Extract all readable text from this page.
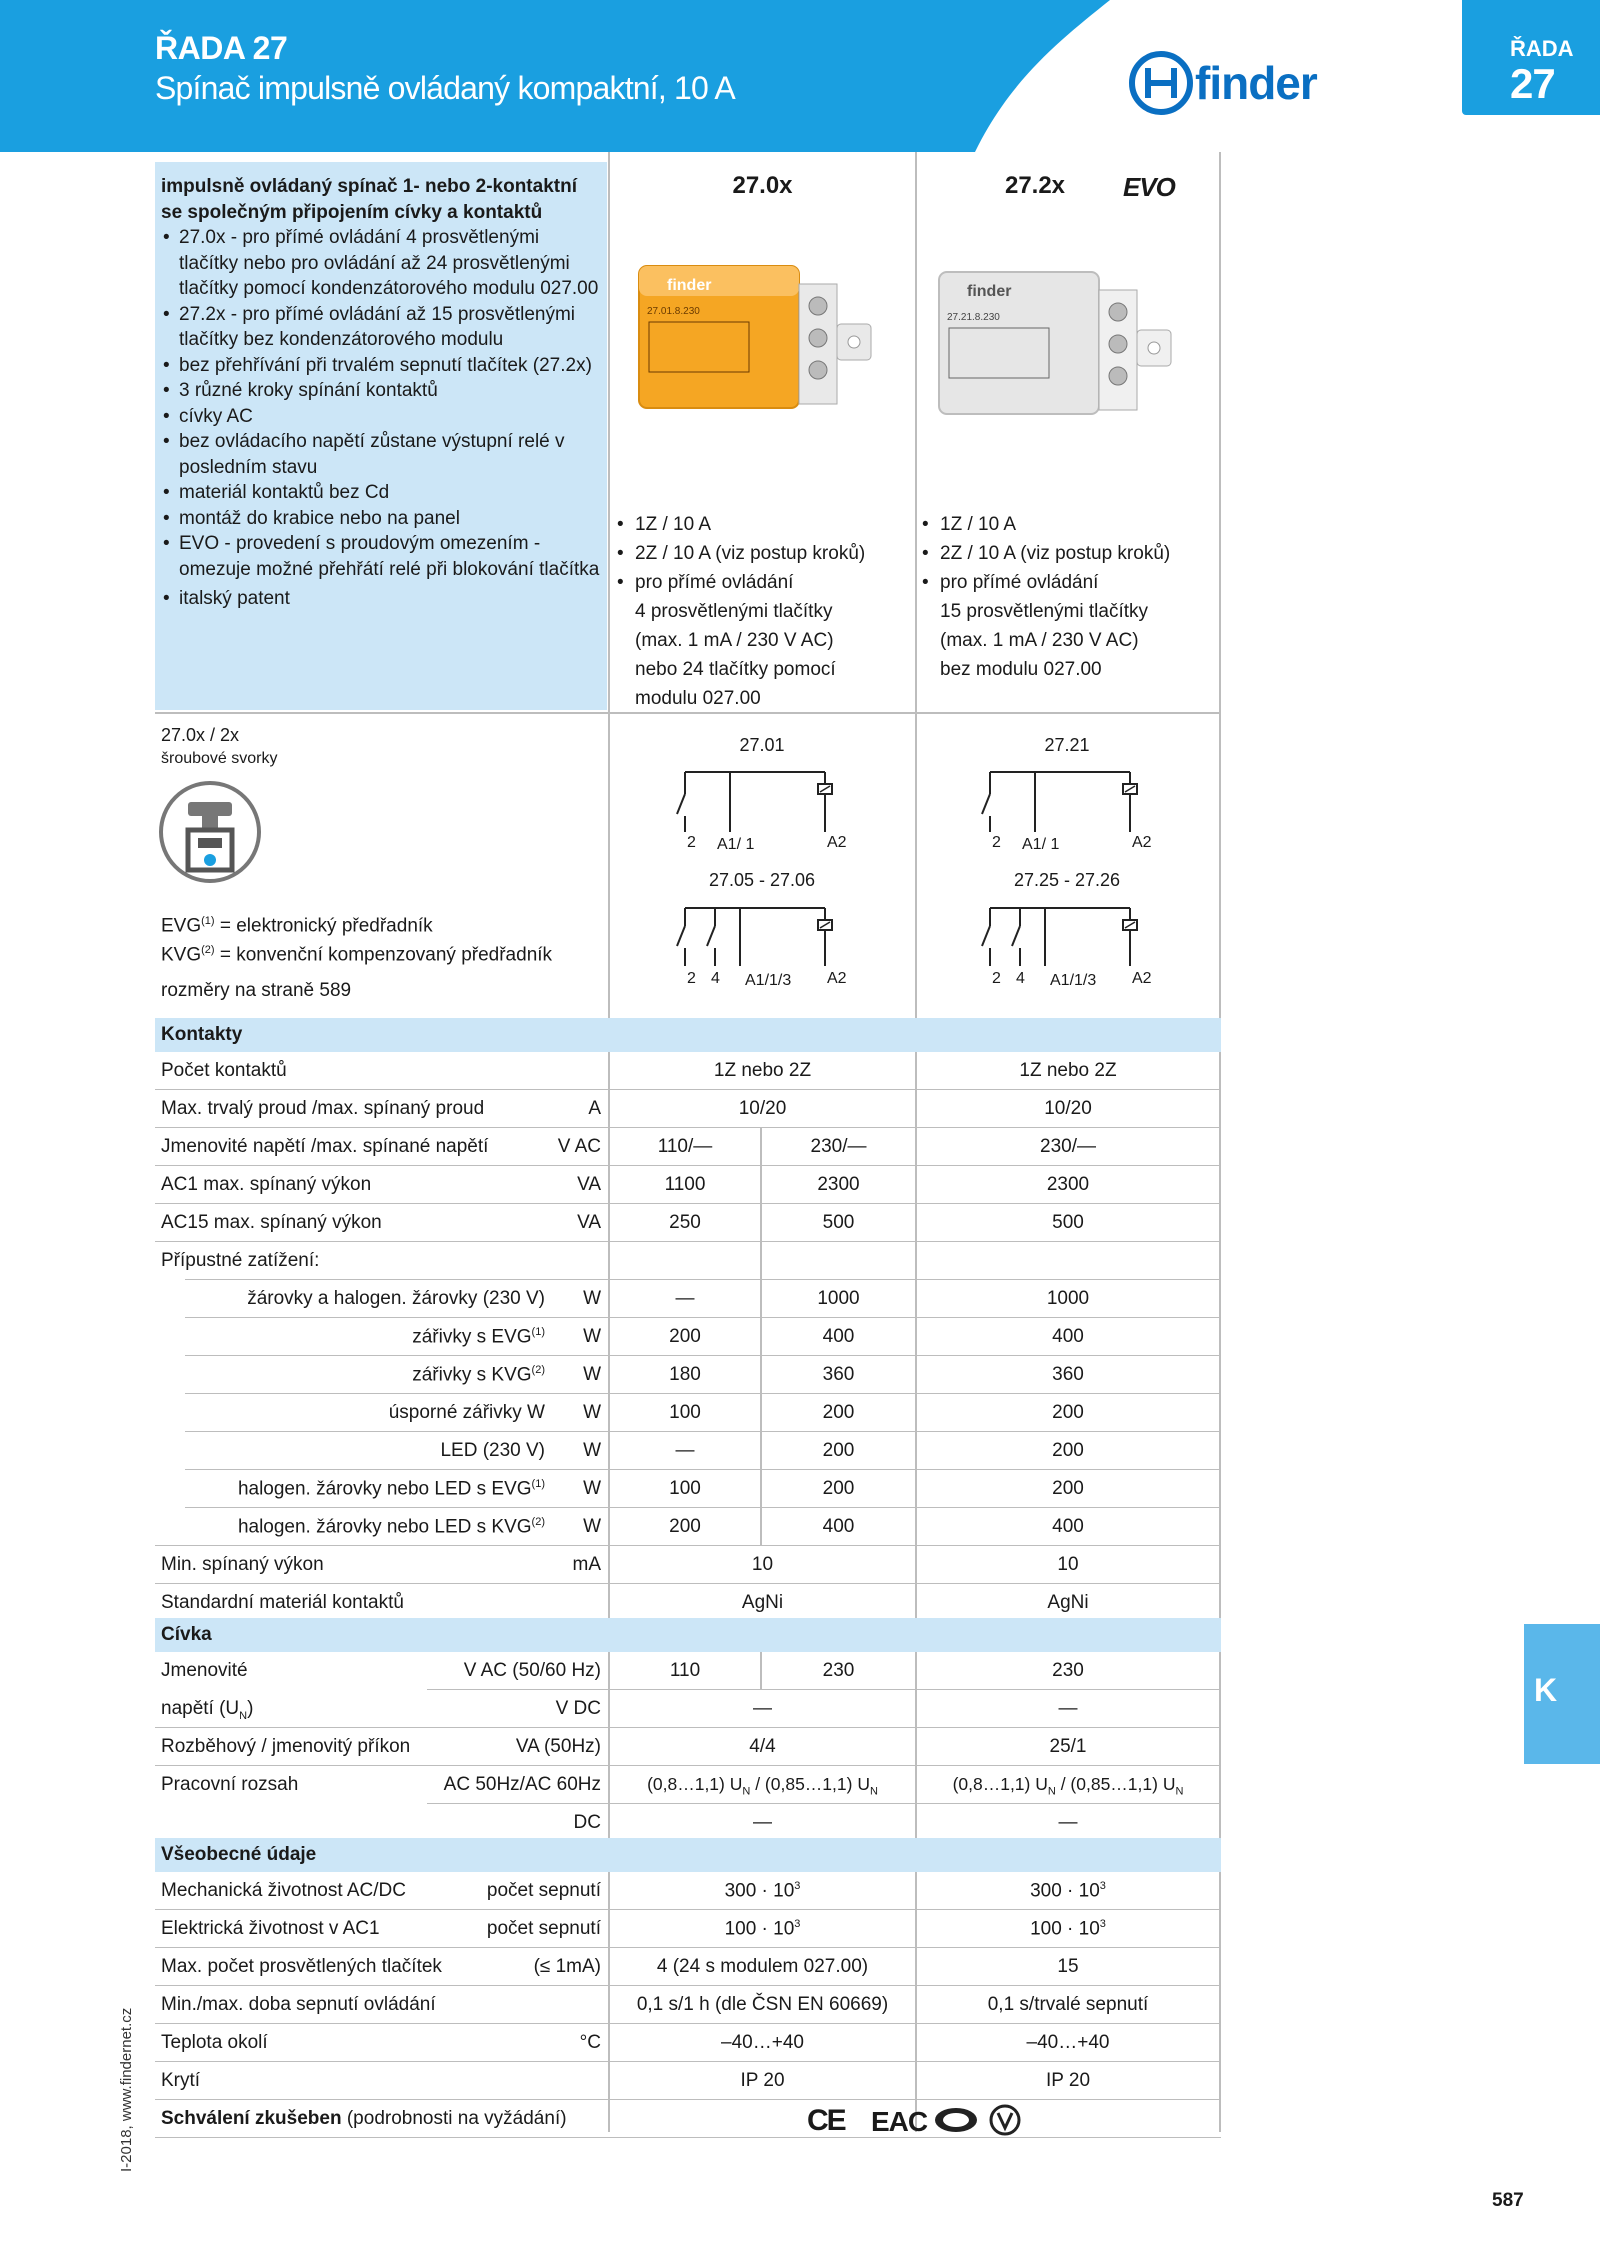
ŘADA 27
Spínač impulsně ovládaný kompaktní, 10 A	finder
ŘADA
27
impulsně ovládaný spínač 1- nebo 2-kontaktní se společným připojením cívky a kontaktů
• 27.0x - pro přímé ovládání 4 prosvětlenými tlačítky nebo pro ovládání až 24 prosvětlenými tlačítky pomocí kondenzátorového modulu 027.00
• 27.2x - pro přímé ovládání až 15 prosvětlenými tlačítky bez kondenzátorového modulu
• bez přehřívání při trvalém sepnutí tlačítek (27.2x)
• 3 různé kroky spínání kontaktů
• cívky AC
• bez ovládacího napětí zůstane výstupní relé v posledním stavu
• materiál kontaktů bez Cd
• montáž do krabice nebo na panel
• EVO - provedení s proudovým omezením - omezuje možné přehřátí relé při blokování tlačítka
• italský patent
27.0x	27.2x	EVO
finder
27.01.8.230
finder
27.21.8.230
• 1Z / 10 A
• 2Z / 10 A (viz postup kroků)
• pro přímé ovládání
4 prosvětlenými tlačítky
(max. 1 mA / 230 V AC)
nebo 24 tlačítky pomocí
modulu 027.00
• 1Z / 10 A
• 2Z / 10 A (viz postup kroků)
• pro přímé ovládání
15 prosvětlenými tlačítky
(max. 1 mA / 230 V AC)
bez modulu 027.00
27.0x / 2x
šroubové svorky
$EVG^{(1)}$ = elektronický předřadník
$KVG^{(2)}$ = konvenční kompenzovaný předřadník
rozměry na straně 589
27.01
2 A1/ 1	A2
27.05 - 27.06
2 4 A1/1/3 A2
27.21
2 A1/ 1	A2
27.25 - 27.26
2 4 A1/1/3 A2
Kontakty
Počet kontaktů	1Z nebo 2Z	1Z nebo 2Z
Max. trvalý proud /max. spínaný proud	A	10/20	10/20
Jmenovité napětí /max. spínané napětí	V AC	110/—	230/—	230/—
AC1 max. spínaný výkon	VA	1100	2300	2300
AC15 max. spínaný výkon	VA	250	500	500
Přípustné zatížení:
žárovky a halogen. žárovky (230 V)	W	—	1000	1000
zářivky s EVG$^{(1)}$	W	200	400	400
zářivky s KVG$^{(2)}$	W	180	360	360
úsporné zářivky W	W	100	200	200
LED (230 V)	W	—	200	200
halogen. žárovky nebo LED s EVG$^{(1)}$	W	100	200	200
halogen. žárovky nebo LED s KVG$^{(2)}$	W	200	400	400
Min. spínaný výkon	mA	10	10
Standardní materiál kontaktů	AgNi	AgNi
Cívka
Jmenovité	V AC (50/60 Hz)	110	230	230
napětí $(U_N)$	V DC	—	—
Rozběhový / jmenovitý příkon	VA (50Hz)	4/4	25/1
Pracovní rozsah	AC 50Hz/AC 60Hz	(0,8…1,1) $U_N$ / (0,85…1,1) $U_N$	(0,8…1,1) $U_N$ / (0,85…1,1) $U_N$
DC	—	—
Všeobecné údaje
Mechanická životnost AC/DC	počet sepnutí	$300 \cdot 10^3$	$300 \cdot 10^3$
Elektrická životnost v AC1	počet sepnutí	$100 \cdot 10^3$	$100 \cdot 10^3$
Max. počet prosvětlených tlačítek	(≤ 1mA)	4 (24 s modulem 027.00)	15
Min./max. doba sepnutí ovládání	0,1 s/1 h (dle ČSN EN 60669)	0,1 s/trvalé sepnutí
Teplota okolí	°C	–40…+40	–40…+40
Krytí	IP 20	IP 20
Schválení zkušeben (podrobnosti na vyžádání)	CE EAC
I-2018, www.findernet.cz
K
587
